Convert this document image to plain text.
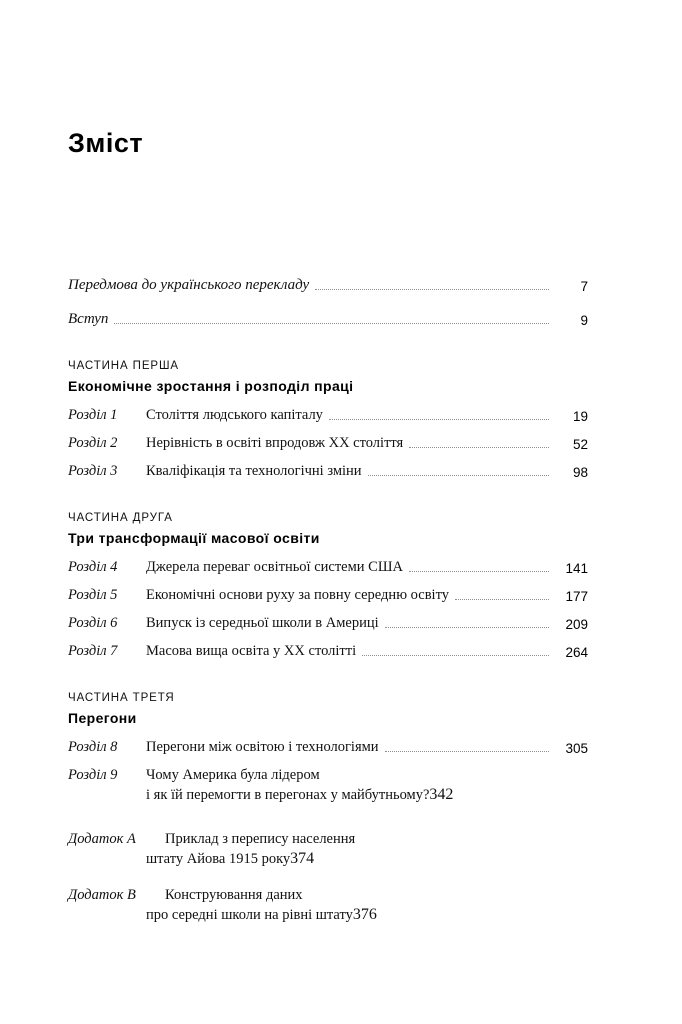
Зміст
Передмова до українського перекладу	7
Вступ	9
ЧАСТИНА ПЕРША
Економічне зростання і розподіл праці
Розділ 1	Століття людського капіталу	19
Розділ 2	Нерівність в освіті впродовж XX століття	52
Розділ 3	Кваліфікація та технологічні зміни	98
ЧАСТИНА ДРУГА
Три трансформації масової освіти
Розділ 4	Джерела переваг освітньої системи США	141
Розділ 5	Економічні основи руху за повну середню освіту	177
Розділ 6	Випуск із середньої школи в Америці	209
Розділ 7	Масова вища освіта у XX столітті	264
ЧАСТИНА ТРЕТЯ
Перегони
Розділ 8	Перегони між освітою і технологіями	305
Розділ 9	Чому Америка була лідером
і як їй перемогти в перегонах у майбутньому? 342
Додаток A	Приклад з перепису населення
штату Айова 1915 року 374
Додаток B	Конструювання даних
про середні школи на рівні штату 376
